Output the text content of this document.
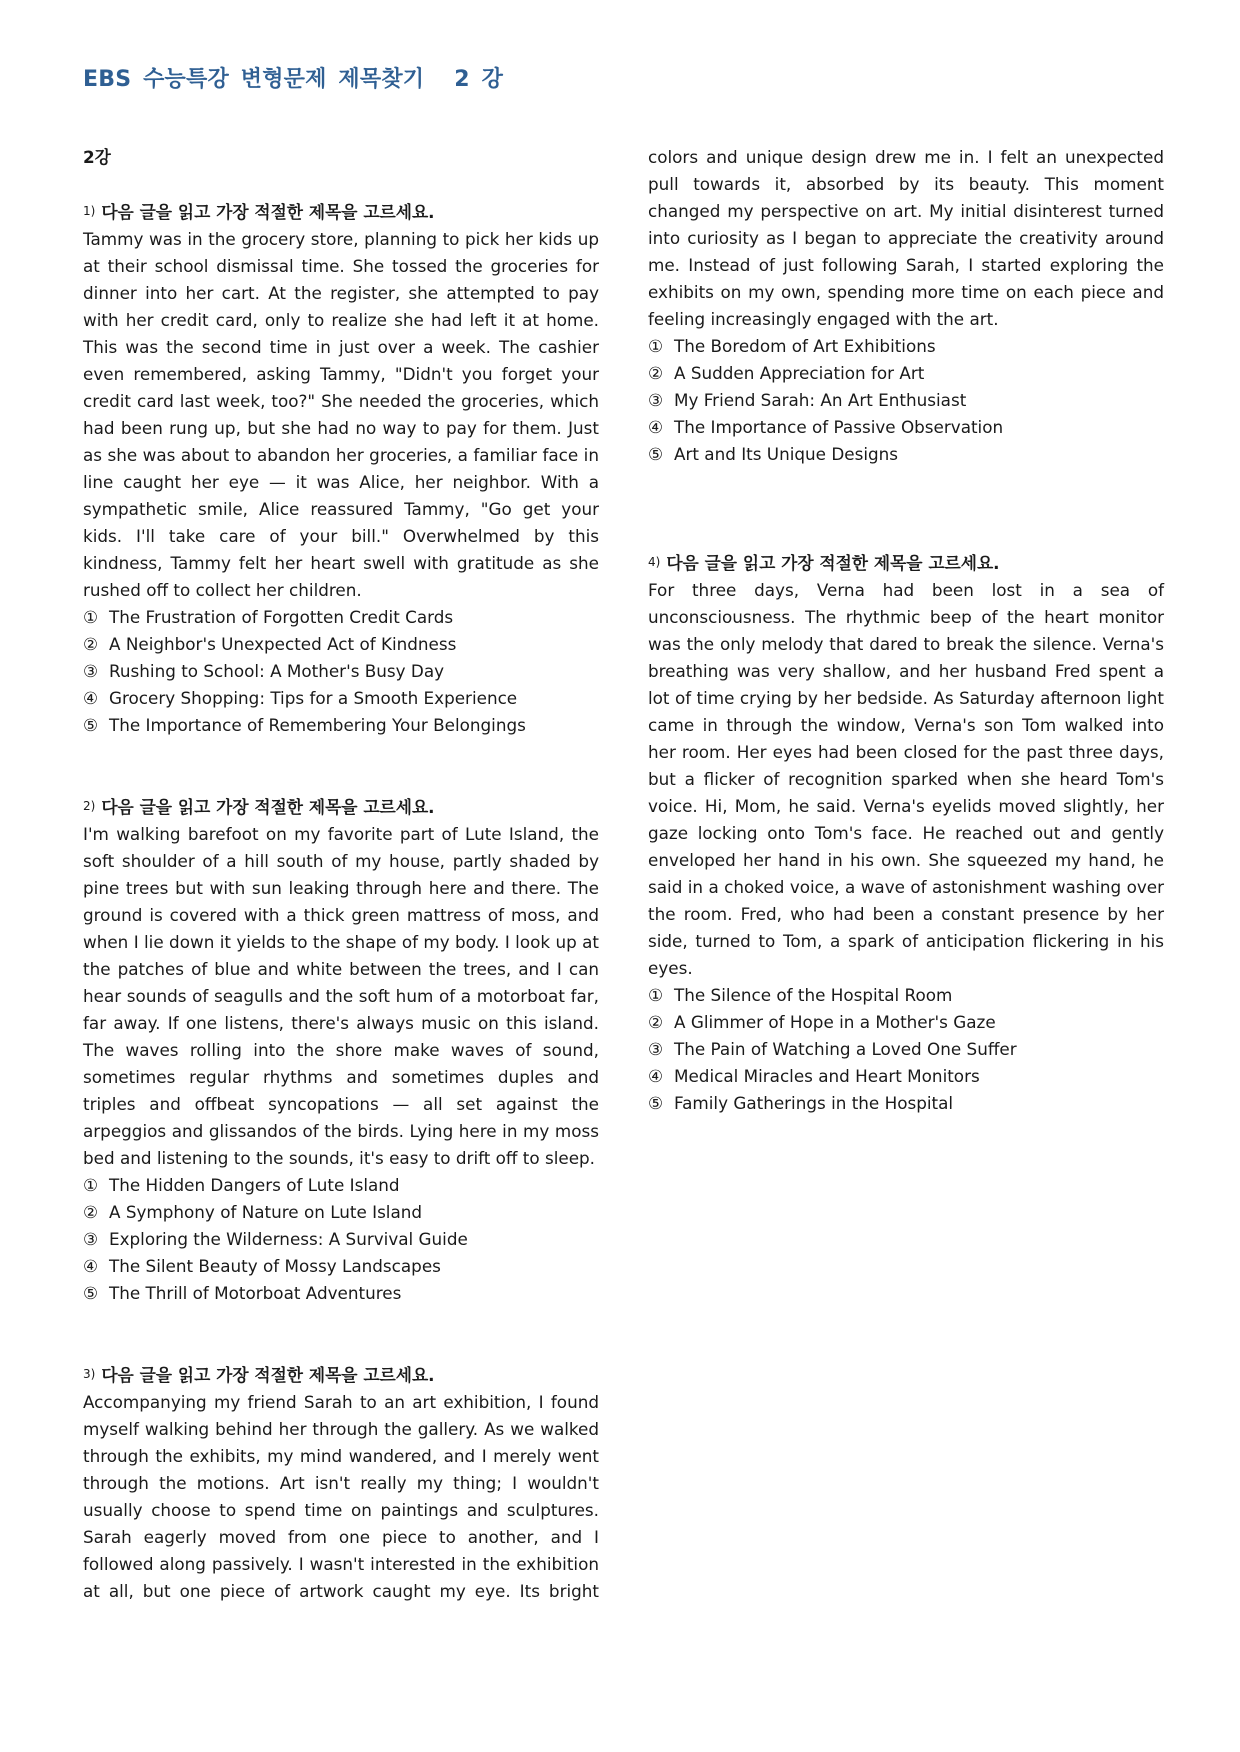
EBS 수능특강 변형문제 제목찾기 2 강

2강

1) 다음 글을 읽고 가장 적절한 제목을 고르세요.

Tammy was in the grocery store, planning to pick her kids up at their school dismissal time. She tossed the groceries for dinner into her cart. At the register, she attempted to pay with her credit card, only to realize she had left it at home. This was the second time in just over a week. The cashier even remembered, asking Tammy, "Didn't you forget your credit card last week, too?" She needed the groceries, which had been rung up, but she had no way to pay for them. Just as she was about to abandon her groceries, a familiar face in line caught her eye — it was Alice, her neighbor. With a sympathetic smile, Alice reassured Tammy, "Go get your kids. I'll take care of your bill." Overwhelmed by this kindness, Tammy felt her heart swell with gratitude as she rushed off to collect her children.

① The Frustration of Forgotten Credit Cards
② A Neighbor's Unexpected Act of Kindness
③ Rushing to School: A Mother's Busy Day
④ Grocery Shopping: Tips for a Smooth Experience
⑤ The Importance of Remembering Your Belongings

2) 다음 글을 읽고 가장 적절한 제목을 고르세요.

I'm walking barefoot on my favorite part of Lute Island, the soft shoulder of a hill south of my house, partly shaded by pine trees but with sun leaking through here and there. The ground is covered with a thick green mattress of moss, and when I lie down it yields to the shape of my body. I look up at the patches of blue and white between the trees, and I can hear sounds of seagulls and the soft hum of a motorboat far, far away. If one listens, there's always music on this island. The waves rolling into the shore make waves of sound, sometimes regular rhythms and sometimes duples and triples and offbeat syncopations — all set against the arpeggios and glissandos of the birds. Lying here in my moss bed and listening to the sounds, it's easy to drift off to sleep.

① The Hidden Dangers of Lute Island
② A Symphony of Nature on Lute Island
③ Exploring the Wilderness: A Survival Guide
④ The Silent Beauty of Mossy Landscapes
⑤ The Thrill of Motorboat Adventures

3) 다음 글을 읽고 가장 적절한 제목을 고르세요.

Accompanying my friend Sarah to an art exhibition, I found myself walking behind her through the gallery. As we walked through the exhibits, my mind wandered, and I merely went through the motions. Art isn't really my thing; I wouldn't usually choose to spend time on paintings and sculptures. Sarah eagerly moved from one piece to another, and I followed along passively. I wasn't interested in the exhibition at all, but one piece of artwork caught my eye. Its bright

colors and unique design drew me in. I felt an unexpected pull towards it, absorbed by its beauty. This moment changed my perspective on art. My initial disinterest turned into curiosity as I began to appreciate the creativity around me. Instead of just following Sarah, I started exploring the exhibits on my own, spending more time on each piece and feeling increasingly engaged with the art.

① The Boredom of Art Exhibitions
② A Sudden Appreciation for Art
③ My Friend Sarah: An Art Enthusiast
④ The Importance of Passive Observation
⑤ Art and Its Unique Designs

4) 다음 글을 읽고 가장 적절한 제목을 고르세요.

For three days, Verna had been lost in a sea of unconsciousness. The rhythmic beep of the heart monitor was the only melody that dared to break the silence. Verna's breathing was very shallow, and her husband Fred spent a lot of time crying by her bedside. As Saturday afternoon light came in through the window, Verna's son Tom walked into her room. Her eyes had been closed for the past three days, but a flicker of recognition sparked when she heard Tom's voice. Hi, Mom, he said. Verna's eyelids moved slightly, her gaze locking onto Tom's face. He reached out and gently enveloped her hand in his own. She squeezed my hand, he said in a choked voice, a wave of astonishment washing over the room. Fred, who had been a constant presence by her side, turned to Tom, a spark of anticipation flickering in his eyes.

① The Silence of the Hospital Room
② A Glimmer of Hope in a Mother's Gaze
③ The Pain of Watching a Loved One Suffer
④ Medical Miracles and Heart Monitors
⑤ Family Gatherings in the Hospital
